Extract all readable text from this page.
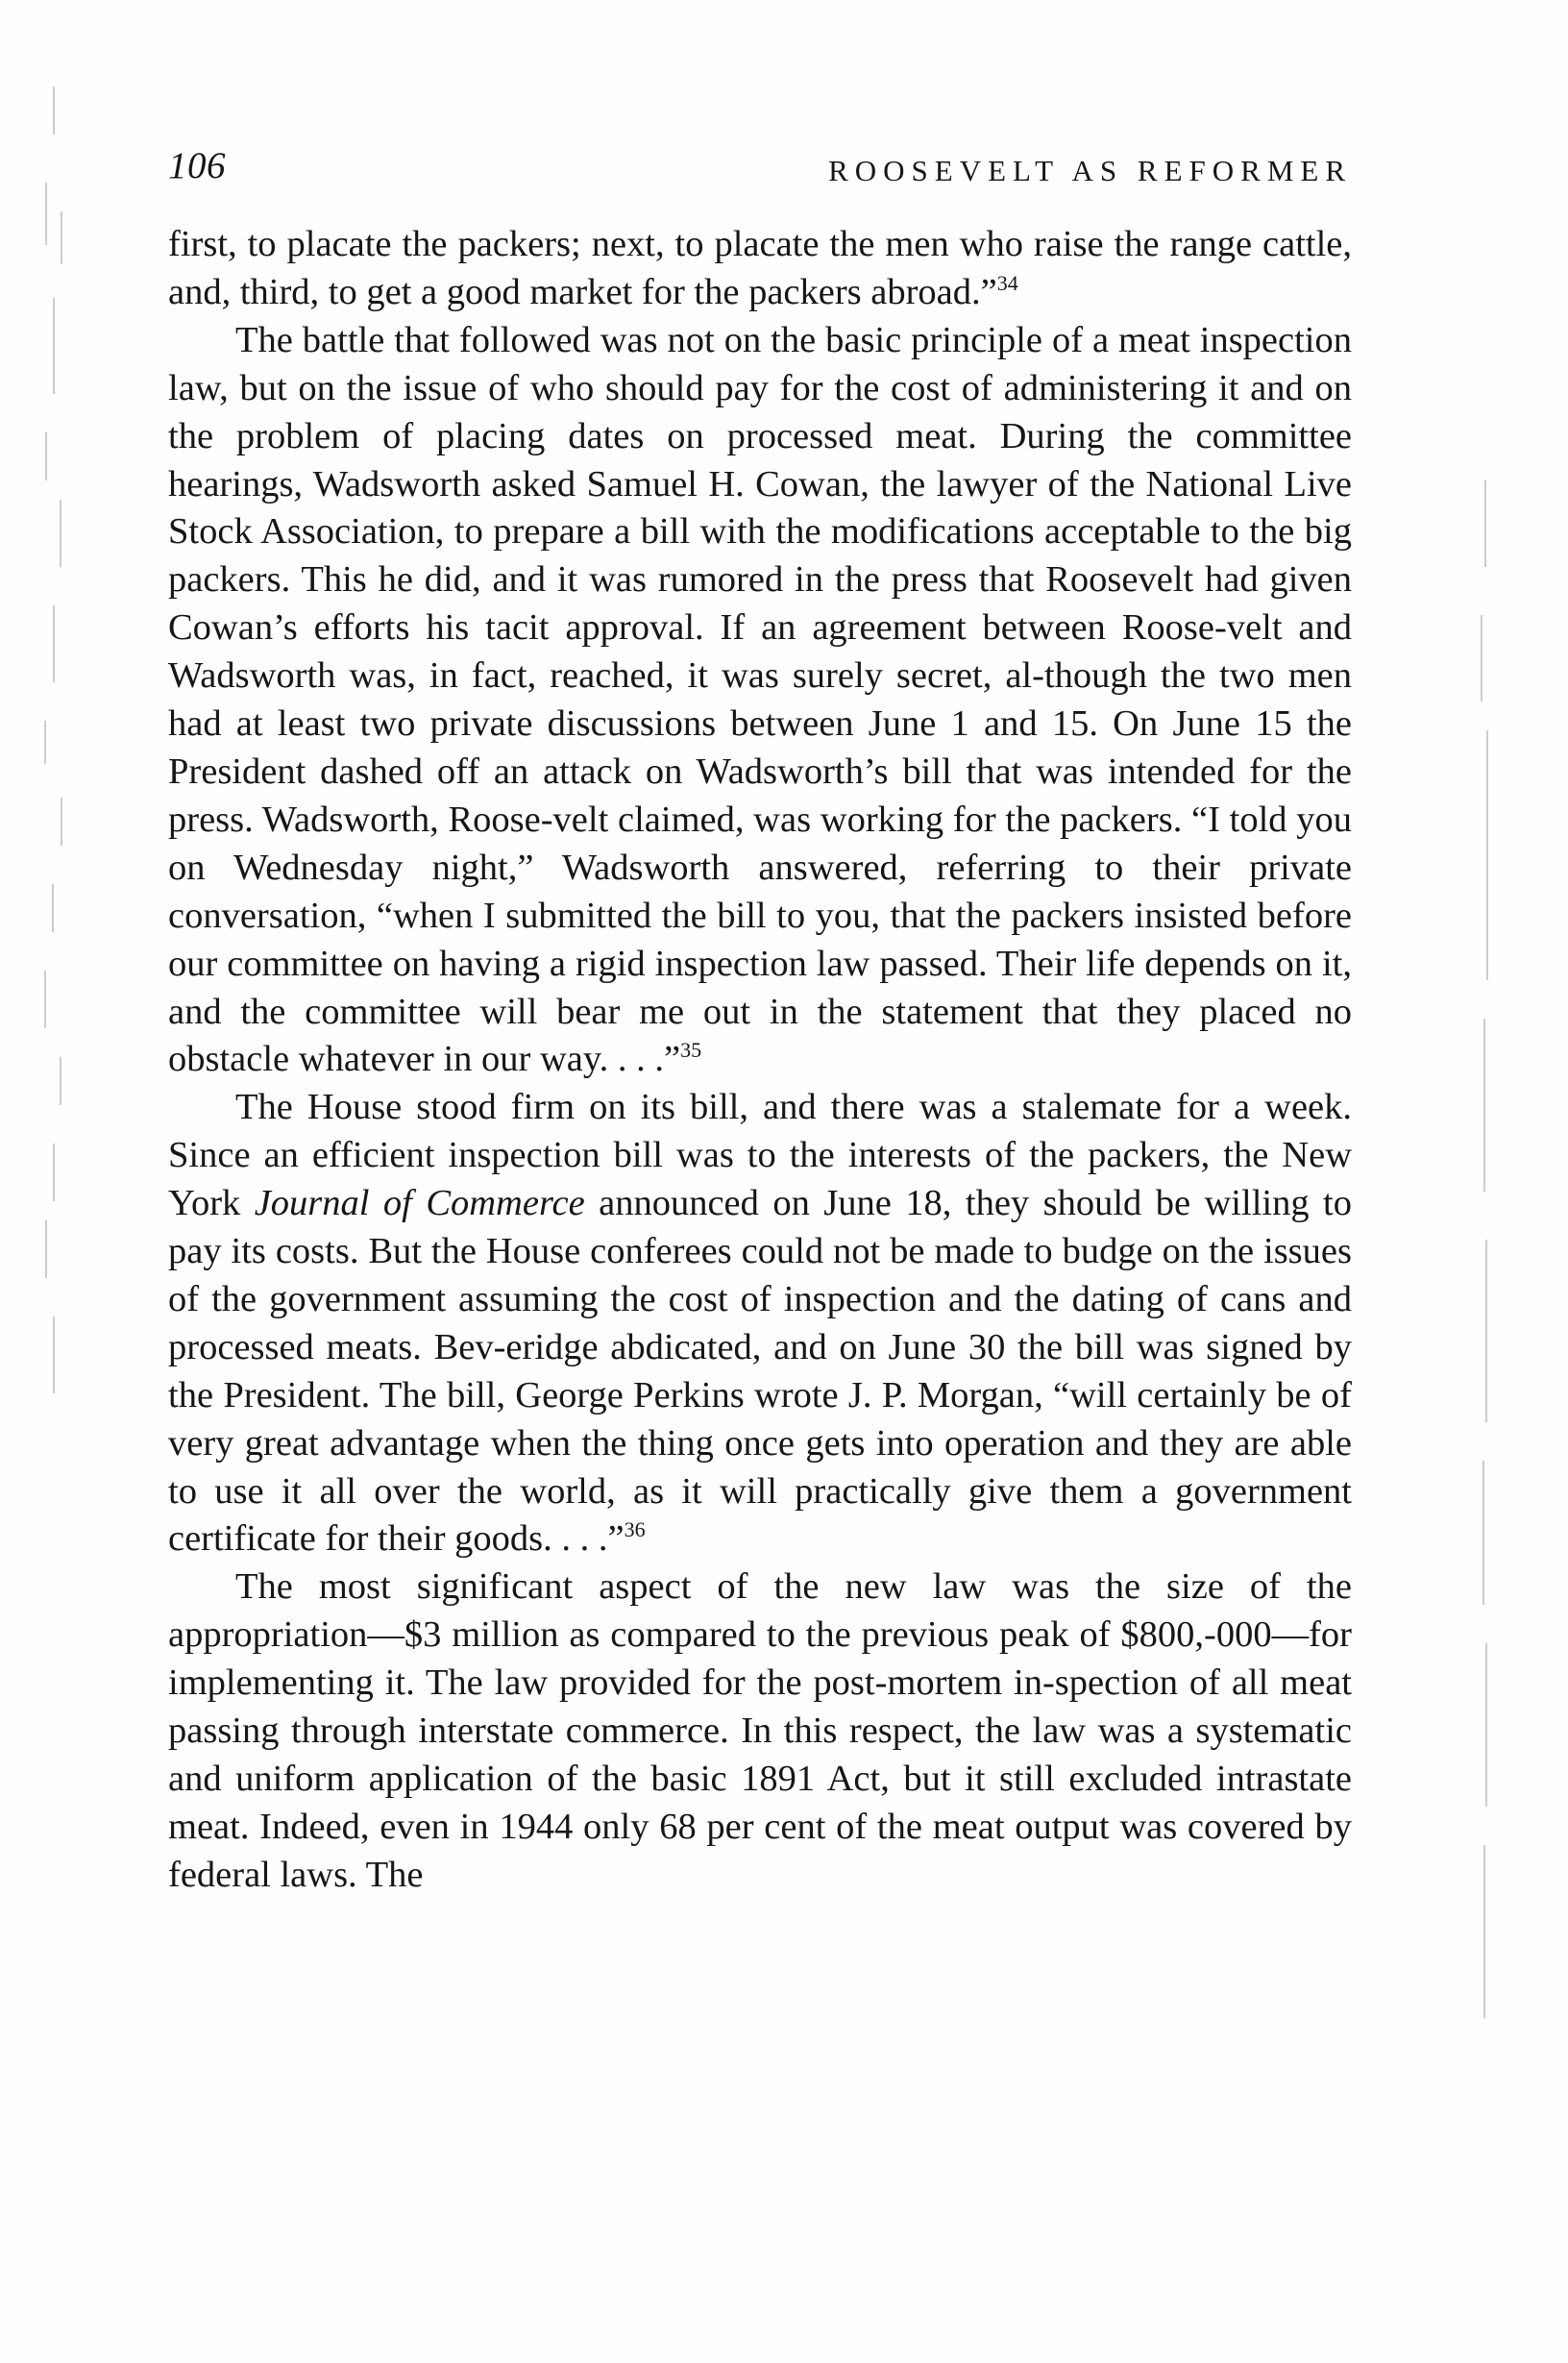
106	ROOSEVELT AS REFORMER

first, to placate the packers; next, to placate the men who raise the range cattle, and, third, to get a good market for the packers abroad.”$^{34}$

The battle that followed was not on the basic principle of a meat inspection law, but on the issue of who should pay for the cost of administering it and on the problem of placing dates on processed meat. During the committee hearings, Wadsworth asked Samuel H. Cowan, the lawyer of the National Live Stock Association, to prepare a bill with the modifications acceptable to the big packers. This he did, and it was rumored in the press that Roosevelt had given Cowan’s efforts his tacit approval. If an agreement between Roose-velt and Wadsworth was, in fact, reached, it was surely secret, al-though the two men had at least two private discussions between June 1 and 15. On June 15 the President dashed off an attack on Wadsworth’s bill that was intended for the press. Wadsworth, Roose-velt claimed, was working for the packers. “I told you on Wednesday night,” Wadsworth answered, referring to their private conversation, “when I submitted the bill to you, that the packers insisted before our committee on having a rigid inspection law passed. Their life depends on it, and the committee will bear me out in the statement that they placed no obstacle whatever in our way. . . .”$^{35}$

The House stood firm on its bill, and there was a stalemate for a week. Since an efficient inspection bill was to the interests of the packers, the New York Journal of Commerce announced on June 18, they should be willing to pay its costs. But the House conferees could not be made to budge on the issues of the government assuming the cost of inspection and the dating of cans and processed meats. Bev-eridge abdicated, and on June 30 the bill was signed by the President. The bill, George Perkins wrote J. P. Morgan, “will certainly be of very great advantage when the thing once gets into operation and they are able to use it all over the world, as it will practically give them a government certificate for their goods. . . .”$^{36}$

The most significant aspect of the new law was the size of the appropriation—$3 million as compared to the previous peak of $800,-000—for implementing it. The law provided for the post-mortem in-spection of all meat passing through interstate commerce. In this respect, the law was a systematic and uniform application of the basic 1891 Act, but it still excluded intrastate meat. Indeed, even in 1944 only 68 per cent of the meat output was covered by federal laws. The
